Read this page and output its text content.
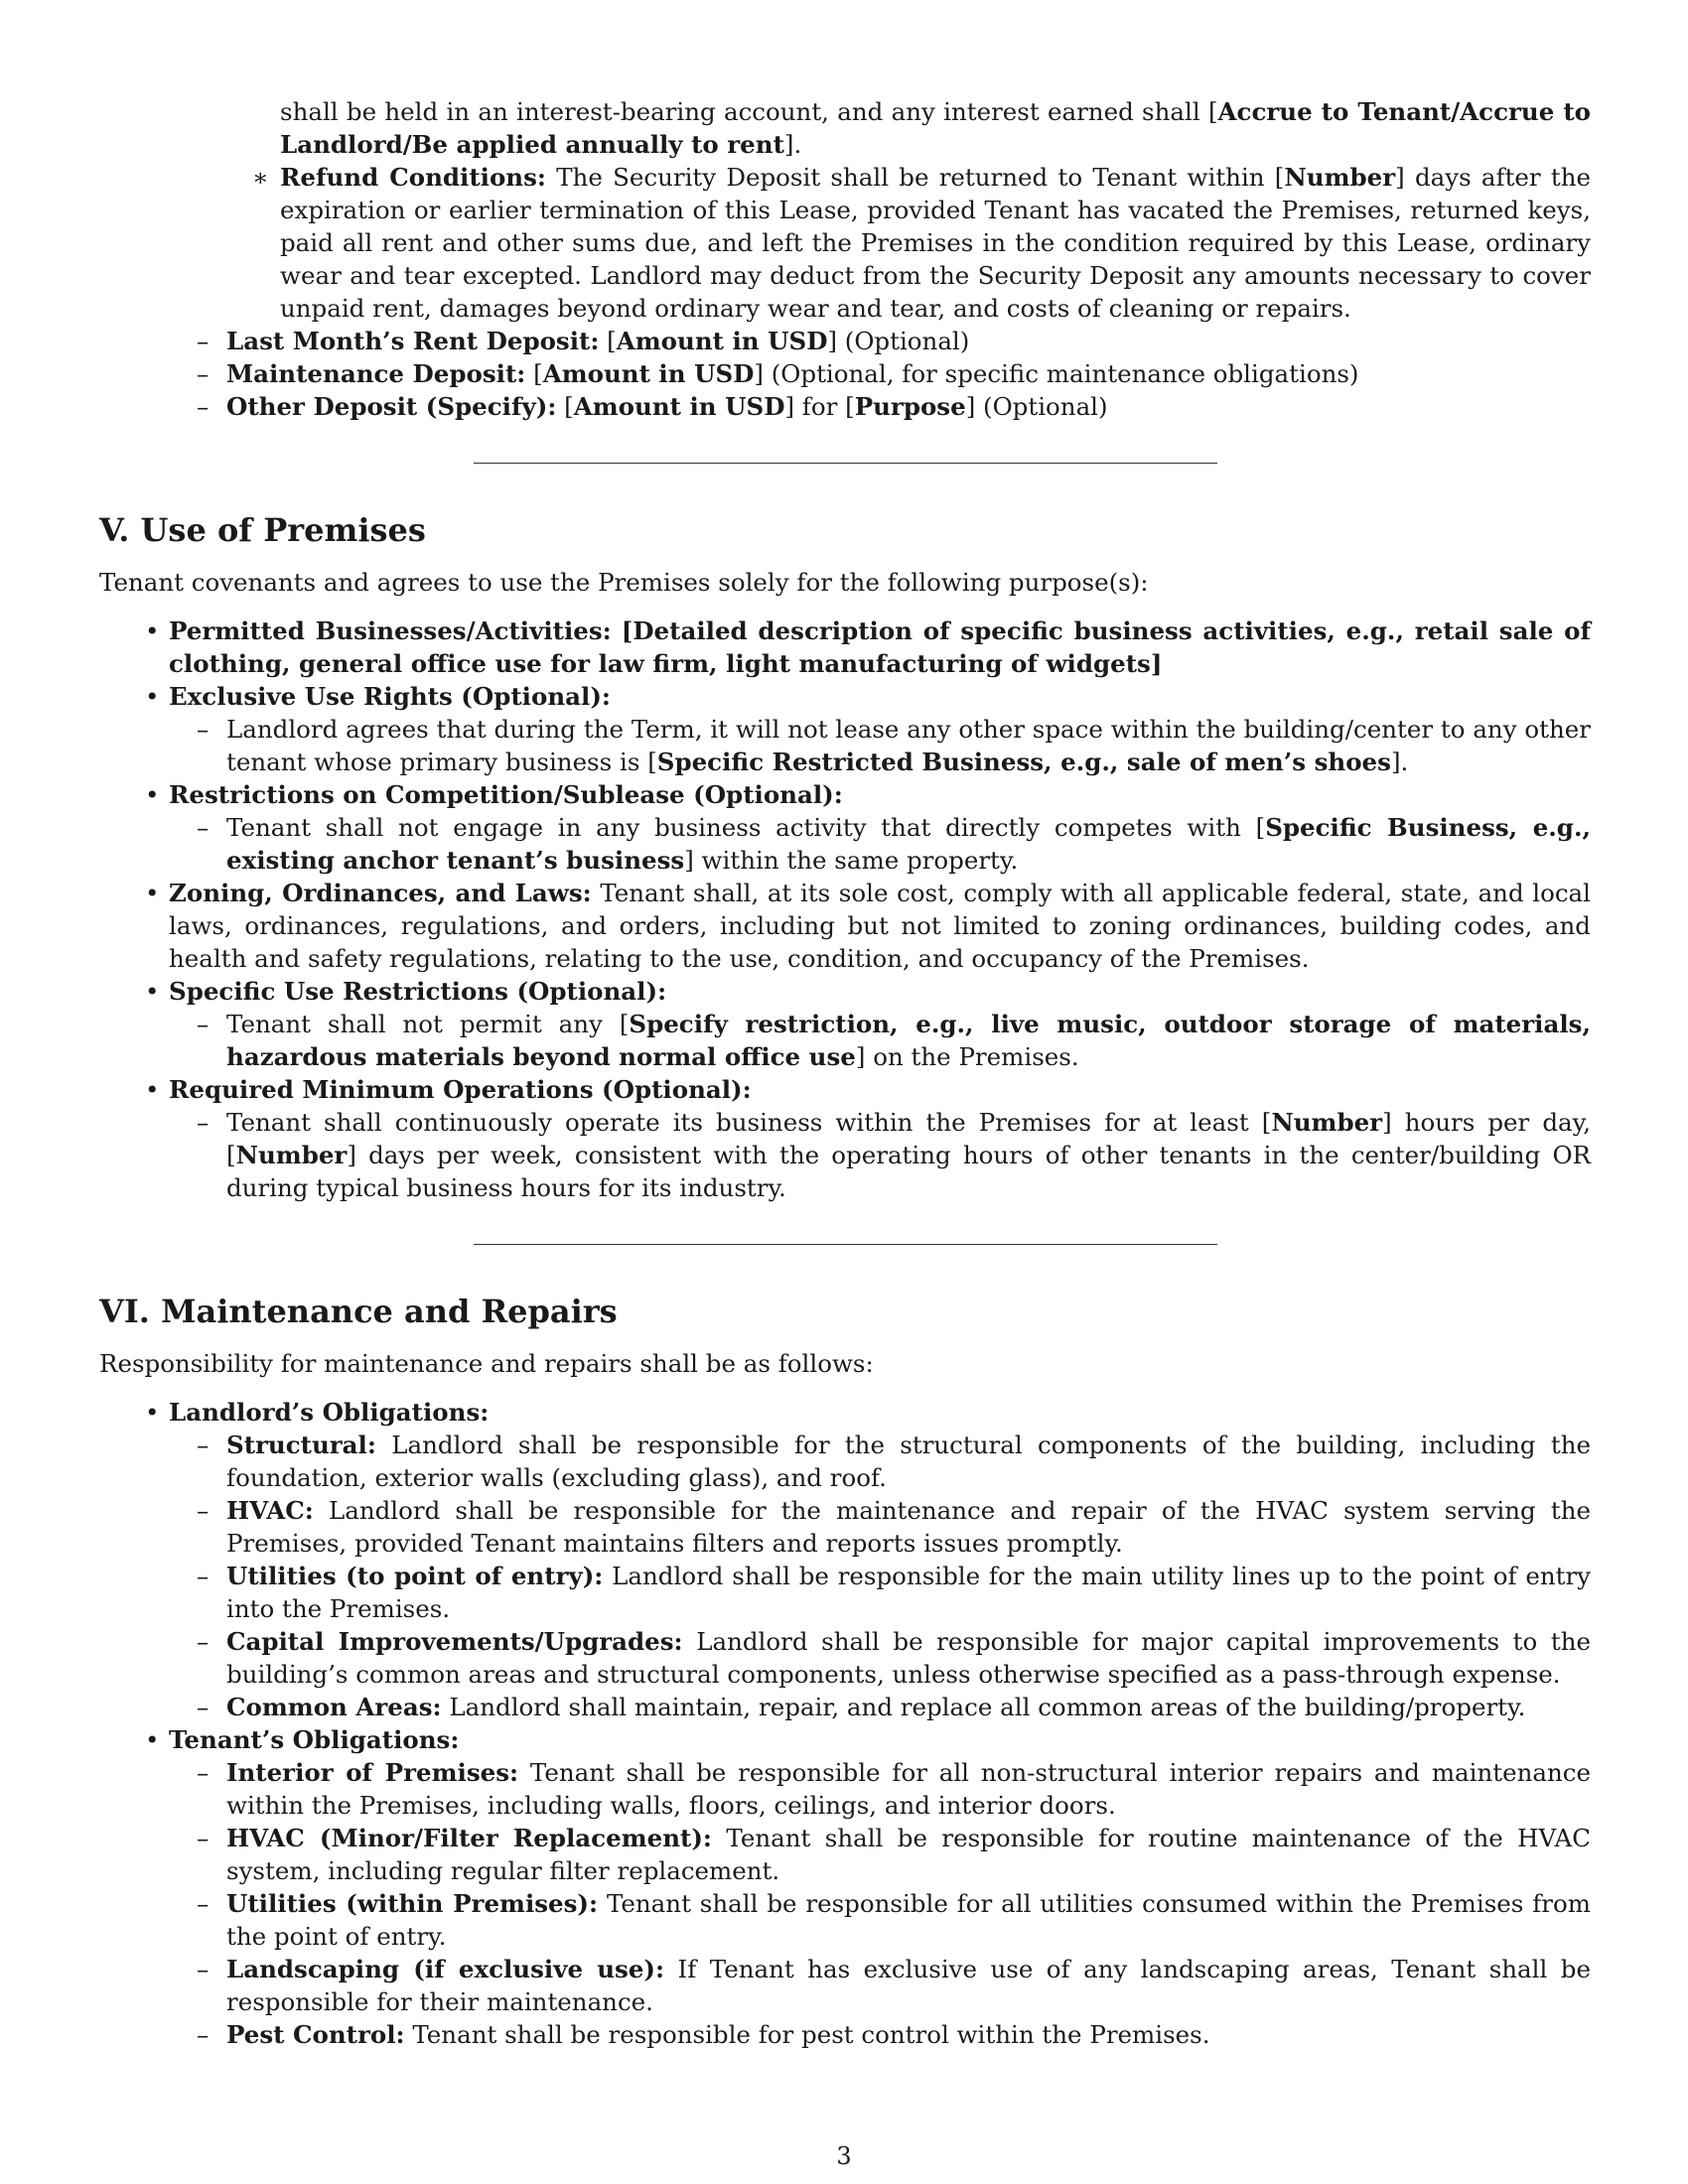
shall be held in an interest-bearing account, and any interest earned shall [Accrue to Tenant/Accrue to Landlord/Be applied annually to rent].
∗ Refund Conditions: The Security Deposit shall be returned to Tenant within [Number] days after the expiration or earlier termination of this Lease, provided Tenant has vacated the Premises, returned keys, paid all rent and other sums due, and left the Premises in the condition required by this Lease, ordinary wear and tear excepted. Landlord may deduct from the Security Deposit any amounts necessary to cover unpaid rent, damages beyond ordinary wear and tear, and costs of cleaning or repairs.
– Last Month’s Rent Deposit: [Amount in USD] (Optional)
– Maintenance Deposit: [Amount in USD] (Optional, for specific maintenance obligations)
– Other Deposit (Specify): [Amount in USD] for [Purpose] (Optional)
V. Use of Premises
Tenant covenants and agrees to use the Premises solely for the following purpose(s):
• Permitted Businesses/Activities: [Detailed description of specific business activities, e.g., retail sale of clothing, general office use for law firm, light manufacturing of widgets]
• Exclusive Use Rights (Optional):
– Landlord agrees that during the Term, it will not lease any other space within the building/center to any other tenant whose primary business is [Specific Restricted Business, e.g., sale of men’s shoes].
• Restrictions on Competition/Sublease (Optional):
– Tenant shall not engage in any business activity that directly competes with [Specific Business, e.g., existing anchor tenant’s business] within the same property.
• Zoning, Ordinances, and Laws: Tenant shall, at its sole cost, comply with all applicable federal, state, and local laws, ordinances, regulations, and orders, including but not limited to zoning ordinances, building codes, and health and safety regulations, relating to the use, condition, and occupancy of the Premises.
• Specific Use Restrictions (Optional):
– Tenant shall not permit any [Specify restriction, e.g., live music, outdoor storage of materials, hazardous materials beyond normal office use] on the Premises.
• Required Minimum Operations (Optional):
– Tenant shall continuously operate its business within the Premises for at least [Number] hours per day, [Number] days per week, consistent with the operating hours of other tenants in the center/building OR during typical business hours for its industry.
VI. Maintenance and Repairs
Responsibility for maintenance and repairs shall be as follows:
• Landlord’s Obligations:
– Structural: Landlord shall be responsible for the structural components of the building, including the foundation, exterior walls (excluding glass), and roof.
– HVAC: Landlord shall be responsible for the maintenance and repair of the HVAC system serving the Premises, provided Tenant maintains filters and reports issues promptly.
– Utilities (to point of entry): Landlord shall be responsible for the main utility lines up to the point of entry into the Premises.
– Capital Improvements/Upgrades: Landlord shall be responsible for major capital improvements to the building’s common areas and structural components, unless otherwise specified as a pass-through expense.
– Common Areas: Landlord shall maintain, repair, and replace all common areas of the building/property.
• Tenant’s Obligations:
– Interior of Premises: Tenant shall be responsible for all non-structural interior repairs and maintenance within the Premises, including walls, floors, ceilings, and interior doors.
– HVAC (Minor/Filter Replacement): Tenant shall be responsible for routine maintenance of the HVAC system, including regular filter replacement.
– Utilities (within Premises): Tenant shall be responsible for all utilities consumed within the Premises from the point of entry.
– Landscaping (if exclusive use): If Tenant has exclusive use of any landscaping areas, Tenant shall be responsible for their maintenance.
– Pest Control: Tenant shall be responsible for pest control within the Premises.
3
